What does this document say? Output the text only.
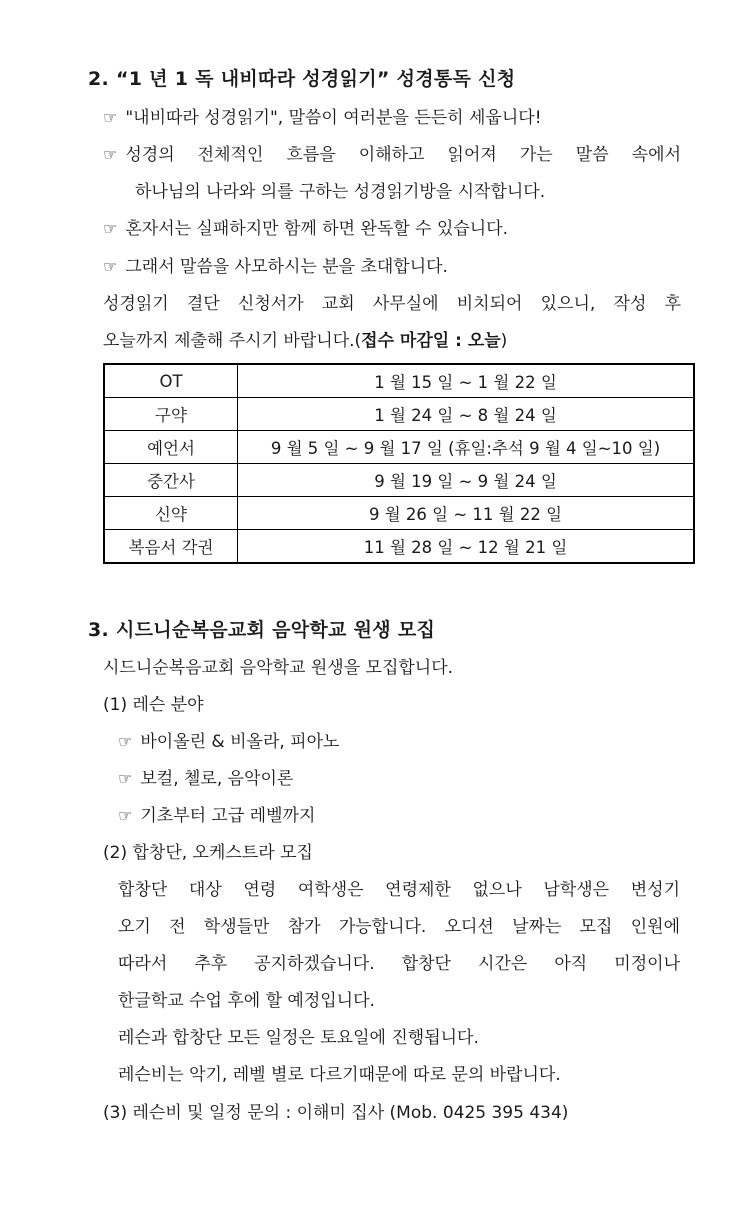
2. “1 년 1 독 내비따라 성경읽기” 성경통독 신청
☞ "내비따라 성경읽기", 말씀이 여러분을 든든히 세웁니다!
☞ 성경의 전체적인 흐름을 이해하고 읽어져 가는 말씀 속에서
하나님의 나라와 의를 구하는 성경읽기방을 시작합니다.
☞ 혼자서는 실패하지만 함께 하면 완독할 수 있습니다.
☞ 그래서 말씀을 사모하시는 분을 초대합니다.
성경읽기 결단 신청서가 교회 사무실에 비치되어 있으니, 작성 후
오늘까지 제출해 주시기 바랍니다.(접수 마감일 : 오늘)
OT	1 월 15 일 ~ 1 월 22 일
구약	1 월 24 일 ~ 8 월 24 일
예언서	9 월 5 일 ~ 9 월 17 일 (휴일:추석 9 월 4 일~10 일)
중간사	9 월 19 일 ~ 9 월 24 일
신약	9 월 26 일 ~ 11 월 22 일
복음서 각권	11 월 28 일 ~ 12 월 21 일
3. 시드니순복음교회 음악학교 원생 모집
시드니순복음교회 음악학교 원생을 모집합니다.
(1) 레슨 분야
☞ 바이올린 & 비올라, 피아노
☞ 보컬, 첼로, 음악이론
☞ 기초부터 고급 레벨까지
(2) 합창단, 오케스트라 모집
합창단 대상 연령 여학생은 연령제한 없으나 남학생은 변성기
오기 전 학생들만 참가 가능합니다. 오디션 날짜는 모집 인원에
따라서 추후 공지하겠습니다. 합창단 시간은 아직 미정이나
한글학교 수업 후에 할 예정입니다.
레슨과 합창단 모든 일정은 토요일에 진행됩니다.
레슨비는 악기, 레벨 별로 다르기때문에 따로 문의 바랍니다.
(3) 레슨비 및 일정 문의 : 이해미 집사 (Mob. 0425 395 434)
